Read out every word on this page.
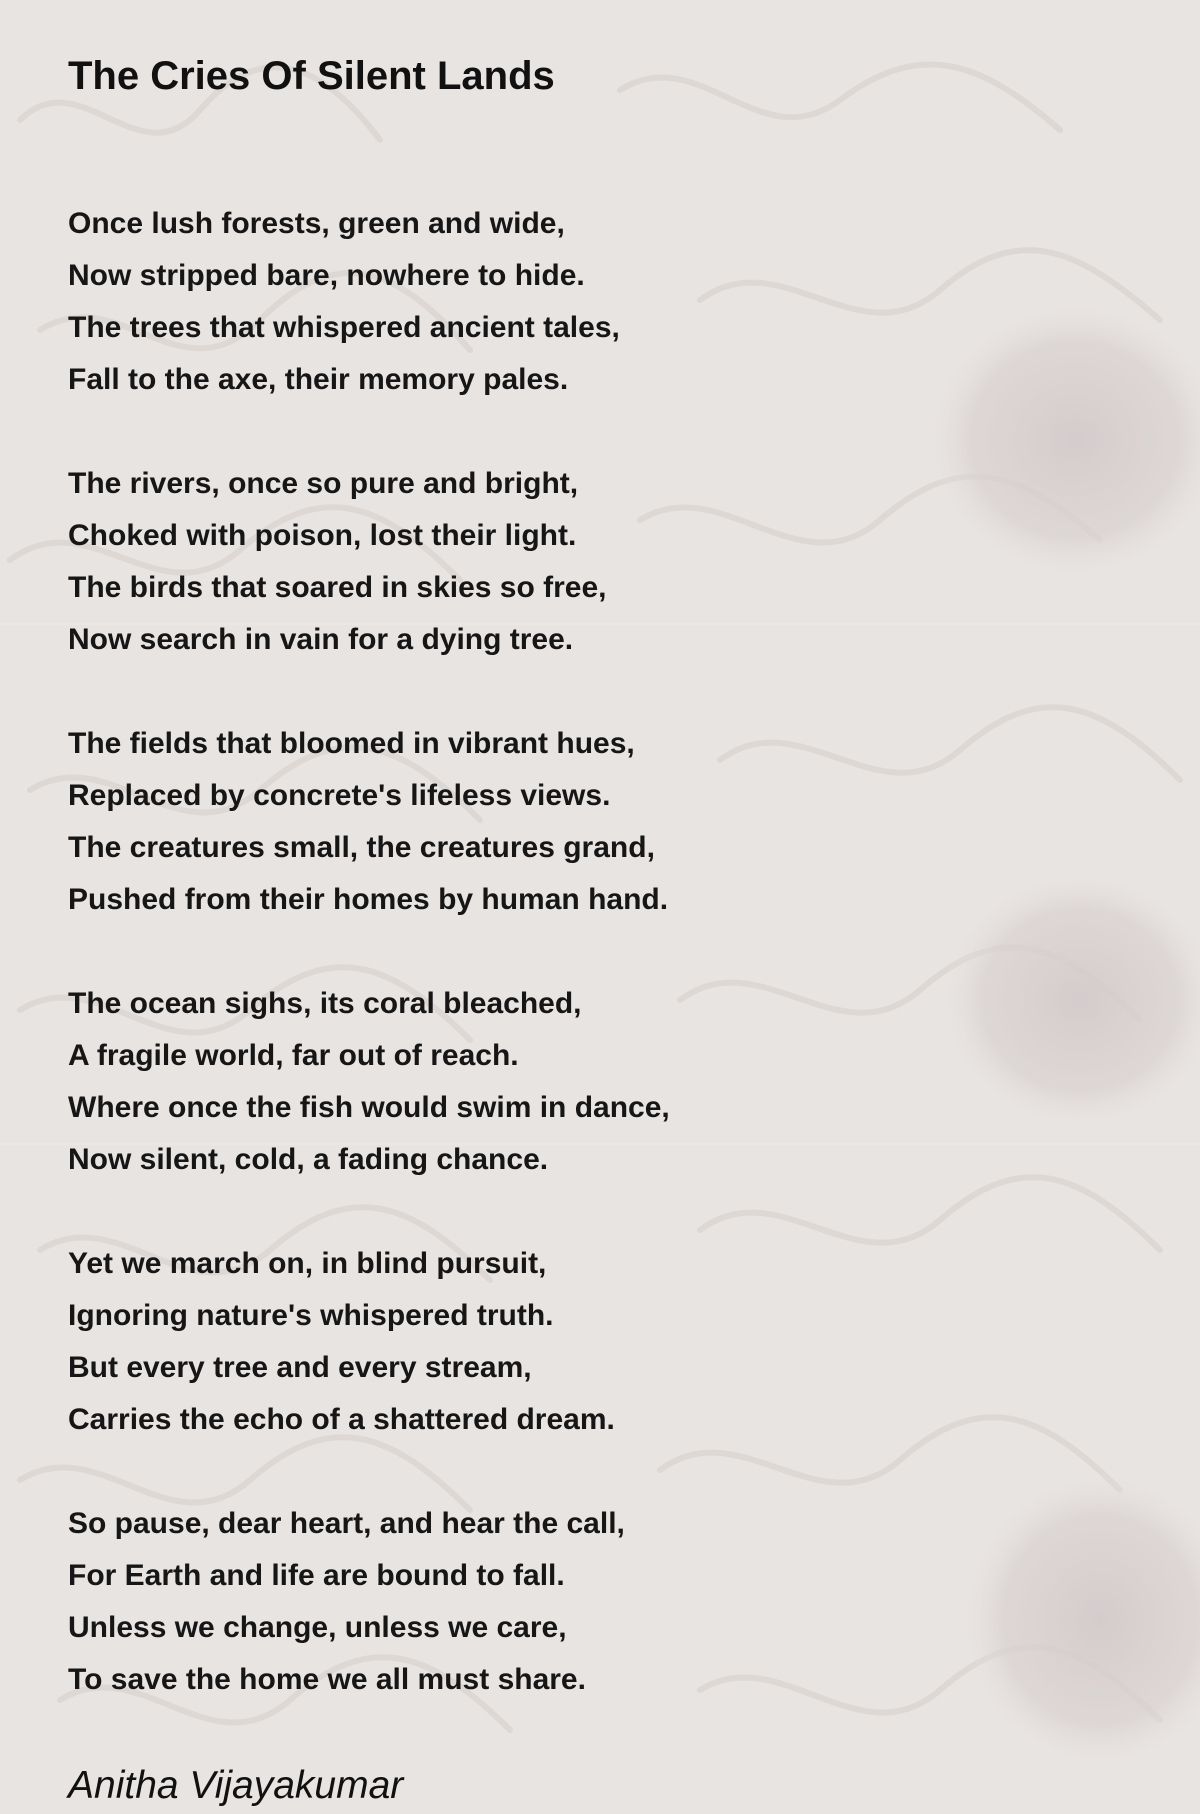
The Cries Of Silent Lands
Once lush forests, green and wide,
Now stripped bare, nowhere to hide.
The trees that whispered ancient tales,
Fall to the axe, their memory pales.
The rivers, once so pure and bright,
Choked with poison, lost their light.
The birds that soared in skies so free,
Now search in vain for a dying tree.
The fields that bloomed in vibrant hues,
Replaced by concrete's lifeless views.
The creatures small, the creatures grand,
Pushed from their homes by human hand.
The ocean sighs, its coral bleached,
A fragile world, far out of reach.
Where once the fish would swim in dance,
Now silent, cold, a fading chance.
Yet we march on, in blind pursuit,
Ignoring nature's whispered truth.
But every tree and every stream,
Carries the echo of a shattered dream.
So pause, dear heart, and hear the call,
For Earth and life are bound to fall.
Unless we change, unless we care,
To save the home we all must share.
Anitha Vijayakumar
